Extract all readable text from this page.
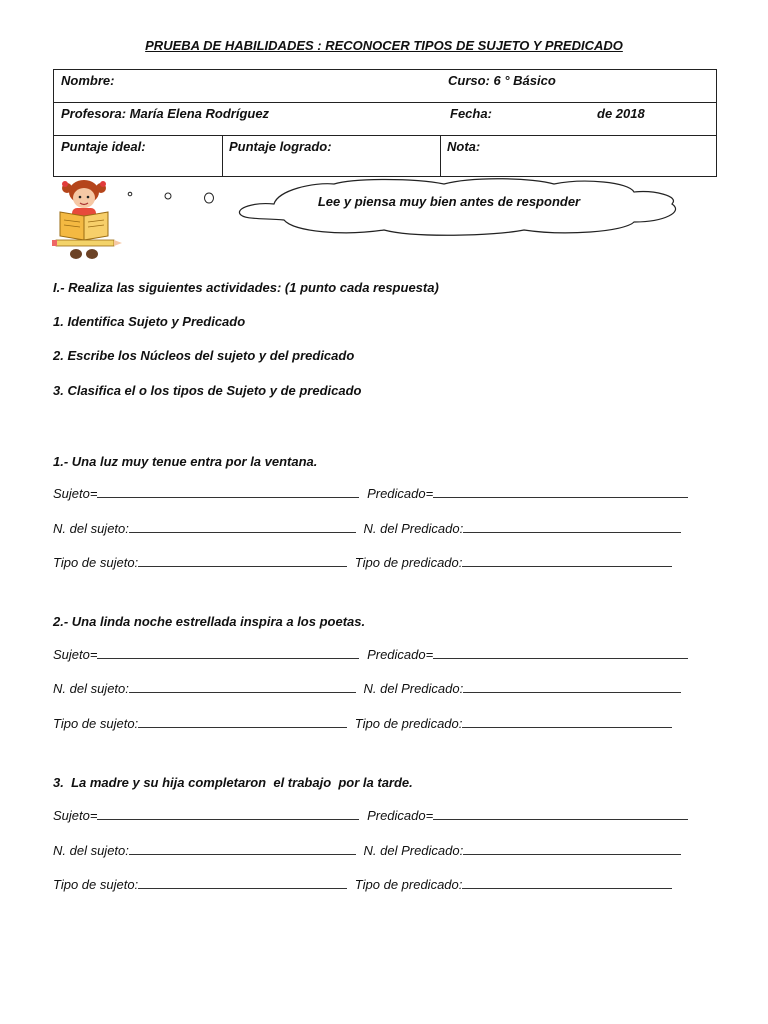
PRUEBA DE HABILIDADES : RECONOCER TIPOS DE SUJETO Y PREDICADO
Nombre:	Curso: 6 ° Básico
Profesora: María Elena Rodríguez	Fecha:	de 2018
Puntaje ideal:	Puntaje logrado:	Nota:
Lee y piensa muy bien antes de responder
I.- Realiza las siguientes actividades: (1 punto cada respuesta)
1. Identifica Sujeto y Predicado
2. Escribe los Núcleos del sujeto y del predicado
3. Clasifica el o los tipos de Sujeto y de predicado
1.- Una luz muy tenue entra por la ventana.
Sujeto=	Predicado=
N. del sujeto:	N. del Predicado:
Tipo de sujeto:	Tipo de predicado:
2.- Una linda noche estrellada inspira a los poetas.
Sujeto=	Predicado=
N. del sujeto:	N. del Predicado:
Tipo de sujeto:	Tipo de predicado:
3.  La madre y su hija completaron  el trabajo  por la tarde.
Sujeto=	Predicado=
N. del sujeto:	N. del Predicado:
Tipo de sujeto:	Tipo de predicado:
